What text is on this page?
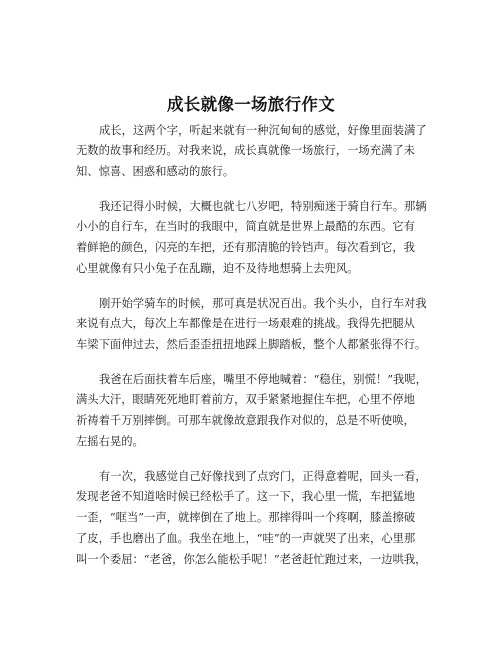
成长就像一场旅行作文
成长，这两个字，听起来就有一种沉甸甸的感觉，好像里面装满了
无数的故事和经历。对我来说，成长真就像一场旅行，一场充满了未
知、惊喜、困惑和感动的旅行。
我还记得小时候，大概也就七八岁吧，特别痴迷于骑自行车。那辆
小小的自行车，在当时的我眼中，简直就是世界上最酷的东西。它有
着鲜艳的颜色，闪亮的车把，还有那清脆的铃铛声。每次看到它，我
心里就像有只小兔子在乱蹦，迫不及待地想骑上去兜风。
刚开始学骑车的时候，那可真是状况百出。我个头小，自行车对我
来说有点大，每次上车都像是在进行一场艰难的挑战。我得先把腿从
车梁下面伸过去，然后歪歪扭扭地踩上脚踏板，整个人都紧张得不行。
我爸在后面扶着车后座，嘴里不停地喊着：“稳住，别慌！”我呢，
满头大汗，眼睛死死地盯着前方，双手紧紧地握住车把，心里不停地
祈祷着千万别摔倒。可那车就像故意跟我作对似的，总是不听使唤，
左摇右晃的。
有一次，我感觉自己好像找到了点窍门，正得意着呢，回头一看，
发现老爸不知道啥时候已经松手了。这一下，我心里一慌，车把猛地
一歪，“哐当”一声，就摔倒在了地上。那摔得叫一个疼啊，膝盖擦破
了皮，手也磨出了血。我坐在地上，“哇”的一声就哭了出来，心里那
叫一个委屈：“老爸，你怎么能松手呢！”老爸赶忙跑过来，一边哄我，
